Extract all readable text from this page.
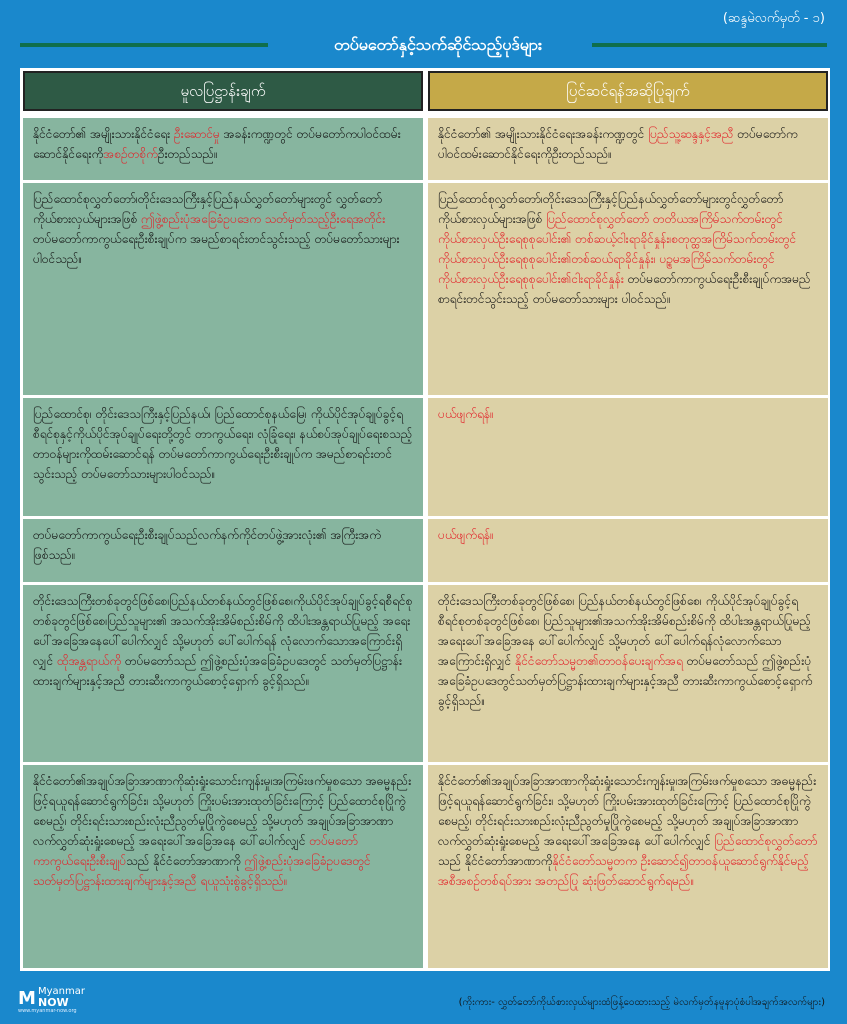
(ဆန္ဒမဲလက်မှတ် - ၁)
တပ်မတော်နှင့်သက်ဆိုင်သည့်ပုဒ်များ
မူလပြဋ္ဌာန်းချက်
နိုင်ငံတော်၏ အမျိုးသားနိုင်ငံရေး ဦးဆောင်မှု အခန်းကဏ္ဍတွင် တပ်မတော်ကပါဝင်ထမ်းဆောင်နိုင်ရေးကိုအစဉ်တစိုက်ဦးတည်သည်။
ပြည်ထောင်စုလွှတ်တော်၊တိုင်းဒေသကြီးနှင့်ပြည်နယ်လွှတ်တော်များတွင် လွှတ်တော်ကိုယ်စားလှယ်များအဖြစ် ဤဖွဲ့စည်းပုံအခြေခံဥပဒေက သတ်မှတ်သည့်ဦးရေအတိုင်း တပ်မတော်ကာကွယ်ရေးဦးစီးချုပ်က အမည်စာရင်းတင်သွင်းသည့် တပ်မတော်သားများပါဝင်သည်။
ပြည်ထောင်စု၊ တိုင်းဒေသကြီးနှင့်ပြည်နယ်၊ ပြည်ထောင်စုနယ်မြေ၊ ကိုယ်ပိုင်အုပ်ချုပ်ခွင့်ရစီရင်စုနှင့်ကိုယ်ပိုင်အုပ်ချုပ်ရေးတို့တွင် တာကွယ်ရေး၊ လုံခြုံရေး၊ နယ်စပ်အုပ်ချုပ်ရေးစသည့် တာဝန်များကိုထမ်းဆောင်ရန် တပ်မတော်ကာကွယ်ရေးဦးစီးချုပ်က အမည်စာရင်းတင်သွင်းသည့် တပ်မတော်သားများပါဝင်သည်။
တပ်မတော်ကာကွယ်ရေးဦးစီးချုပ်သည်လက်နက်ကိုင်တပ်ဖွဲ့အားလုံး၏ အကြီးအကဲဖြစ်သည်။
တိုင်းဒေသကြီးတစ်ခုတွင်ဖြစ်စေ၊ပြည်နယ်တစ်နယ်တွင်ဖြစ်စေ၊ကိုယ်ပိုင်အုပ်ချုပ်ခွင့်ရစီရင်စုတစ်ခုတွင်ဖြစ်စေ၊ပြည်သူများ၏ အသက်အိုးအိမ်စည်းစိမ်ကို ထိပါးအန္တရာယ်ပြုမည့် အရေးပေါ်အခြေအနေပေါ်ပေါက်လျှင် သို့မဟုတ် ပေါ်ပေါက်ရန် လုံလောက်သောအကြောင်းရှိလျှင် ထိုအန္တရာယ်ကို တပ်မတော်သည် ဤဖွဲ့စည်းပုံအခြေခံဥပဒေတွင် သတ်မှတ်ပြဋ္ဌာန်းထားချက်များနှင့်အညီ တားဆီးကာကွယ်စောင့်ရှောက် ခွင့်ရှိသည်။
နိုင်ငံတော်၏အချုပ်အခြာအာဏာကိုဆုံးရှုံးသောင်းကျန်းမှု၊အကြမ်းဖက်မှုစသော အဓမ္မနည်းဖြင့်ရယူရန်ဆောင်ရွက်ခြင်း၊ သို့မဟုတ် ကြိုးပမ်းအားထုတ်ခြင်းကြောင့် ပြည်ထောင်စုပြိုကွဲစေမည့်၊ တိုင်းရင်းသားစည်းလုံးညီညွတ်မှုပြိုကွဲစေမည့် သို့မဟုတ် အချုပ်အခြာအာဏာ လက်လွှတ်ဆုံးရှုံးစေမည့် အရေးပေါ်အခြေအနေ ပေါ်ပေါက်လျှင် တပ်မတော်ကာကွယ်ရေးဦးစီးချုပ်သည် နိုင်ငံတော်အာဏာကို ဤဖွဲ့စည်းပုံအခြေခံဥပဒေတွင် သတ်မှတ်ပြဋ္ဌာန်းထားချက်များနှင့်အညီ ရယူသုံးစွဲခွင့်ရှိသည်။
ပြင်ဆင်ရန်အဆိုပြုချက်
နိုင်ငံတော်၏ အမျိုးသားနိုင်ငံရေးအခန်းကဏ္ဍတွင် ပြည်သူ့ဆန္ဒနှင့်အညီ တပ်မတော်က ပါဝင်ထမ်းဆောင်နိုင်ရေးကိုဦးတည်သည်။
ပြည်ထောင်စုလွှတ်တော်၊တိုင်းဒေသကြီးနှင့်ပြည်နယ်လွှတ်တော်များတွင်လွှတ်တော်ကိုယ်စားလှယ်များအဖြစ် ပြည်ထောင်စုလွှတ်တော် တတိယအကြိမ်သက်တမ်းတွင် ကိုယ်စားလှယ်ဦးရေစုစုပေါင်း၏ တစ်ဆယ့်ငါးရာခိုင်နှုန်း၊စတုတ္ထအကြိမ်သက်တမ်းတွင်ကိုယ်စားလှယ်ဦးရေစုစုပေါင်း၏တစ်ဆယ်ရာခိုင်နှုန်း၊ ပဉ္စမအကြိမ်သက်တမ်းတွင် ကိုယ်စားလှယ်ဦးရေစုစုပေါင်း၏ငါးရာခိုင်နှုန်း တပ်မတော်ကာကွယ်ရေးဦးစီးချုပ်ကအမည်စာရင်းတင်သွင်းသည့် တပ်မတော်သားများ ပါဝင်သည်။
ပယ်ဖျက်ရန်။
ပယ်ဖျက်ရန်။
တိုင်းဒေသကြီးတစ်ခုတွင်ဖြစ်စေ၊ ပြည်နယ်တစ်နယ်တွင်ဖြစ်စေ၊ ကိုယ်ပိုင်အုပ်ချုပ်ခွင့်ရစီရင်စုတစ်ခုတွင်ဖြစ်စေ၊ ပြည်သူများ၏အသက်အိုးအိမ်စည်းစိမ်ကို ထိပါးအန္တရာယ်ပြုမည့် အရေးပေါ်အခြေအနေ ပေါ်ပေါက်လျှင် သို့မဟုတ် ပေါ်ပေါက်ရန်လုံလောက်သောအကြောင်းရှိလျှင် နိုင်ငံတော်သမ္မတ၏တာဝန်ပေးချက်အရ တပ်မတော်သည် ဤဖွဲ့စည်းပုံအခြေခံဥပဒေတွင်သတ်မှတ်ပြဋ္ဌာန်းထားချက်များနှင့်အညီ တားဆီးကာကွယ်စောင့်ရှောက်ခွင့်ရှိသည်။
နိုင်ငံတော်၏အချုပ်အခြာအာဏာကိုဆုံးရှုံးသောင်းကျန်းမှု၊အကြမ်းဖက်မှုစသော အဓမ္မနည်းဖြင့်ရယူရန်ဆောင်ရွက်ခြင်း၊ သို့မဟုတ် ကြိုးပမ်းအားထုတ်ခြင်းကြောင့် ပြည်ထောင်စုပြိုကွဲစေမည့်၊ တိုင်းရင်းသားစည်းလုံးညီညွတ်မှုပြိုကွဲစေမည့် သို့မဟုတ် အချုပ်အခြာအာဏာ လက်လွှတ်ဆုံးရှုံးစေမည့် အရေးပေါ်အခြေအနေ ပေါ်ပေါက်လျှင် ပြည်ထောင်စုလွှတ်တော်သည် နိုင်ငံတော်အာဏာကိုနိုင်ငံတော်သမ္မတက ဦးဆောင်၍တာဝန်ယူဆောင်ရွက်နိုင်မည့် အစီအစဉ်တစ်ရပ်အား အတည်ပြု ဆုံးဖြတ်ဆောင်ရွက်ရမည်။
M Myanmar
NOW
www.myanmar-now.org
(ကိုးကား- လွှတ်တော်ကိုယ်စားလှယ်များထံဖြန့်ဝေထားသည့် မဲလက်မှတ်နမူနာပုံစံပါအချက်အလက်များ)
